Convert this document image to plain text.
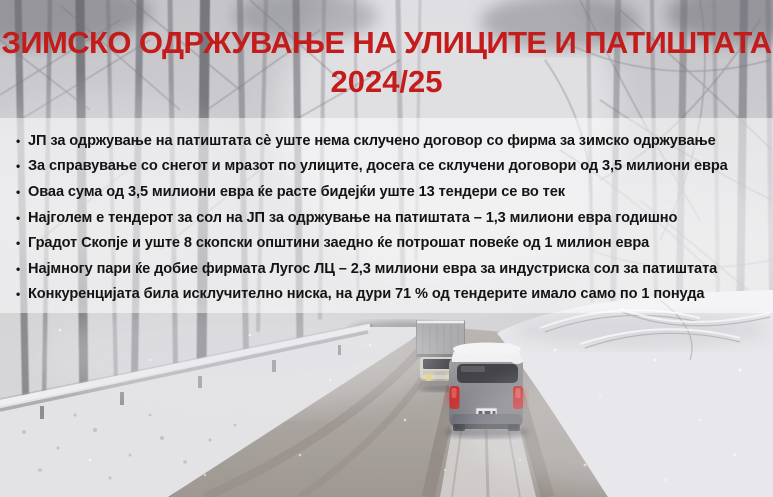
ЗИМСКО ОДРЖУВАЊЕ НА УЛИЦИТЕ И ПАТИШТАТА
2024/25
• ЈП за одржување на патиштата сè уште нема склучено договор со фирма за зимско одржување
• За справување со снегот и мразот по улиците, досега се склучени договори од 3,5 милиони евра
• Оваа сума од 3,5 милиони евра ќе расте бидејќи уште 13 тендери се во тек
• Најголем е тендерот за сол на ЈП за одржување на патиштата – 1,3 милиони евра годишно
• Градот Скопје и уште 8 скопски општини заедно ќе потрошат повеќе од 1 милион евра
• Најмногу пари ќе добие фирмата Лугос ЛЦ – 2,3 милиони евра за индустриска сол за патиштата
• Конкуренцијата била исклучително ниска, на дури 71 % од тендерите имало само по 1 понуда
